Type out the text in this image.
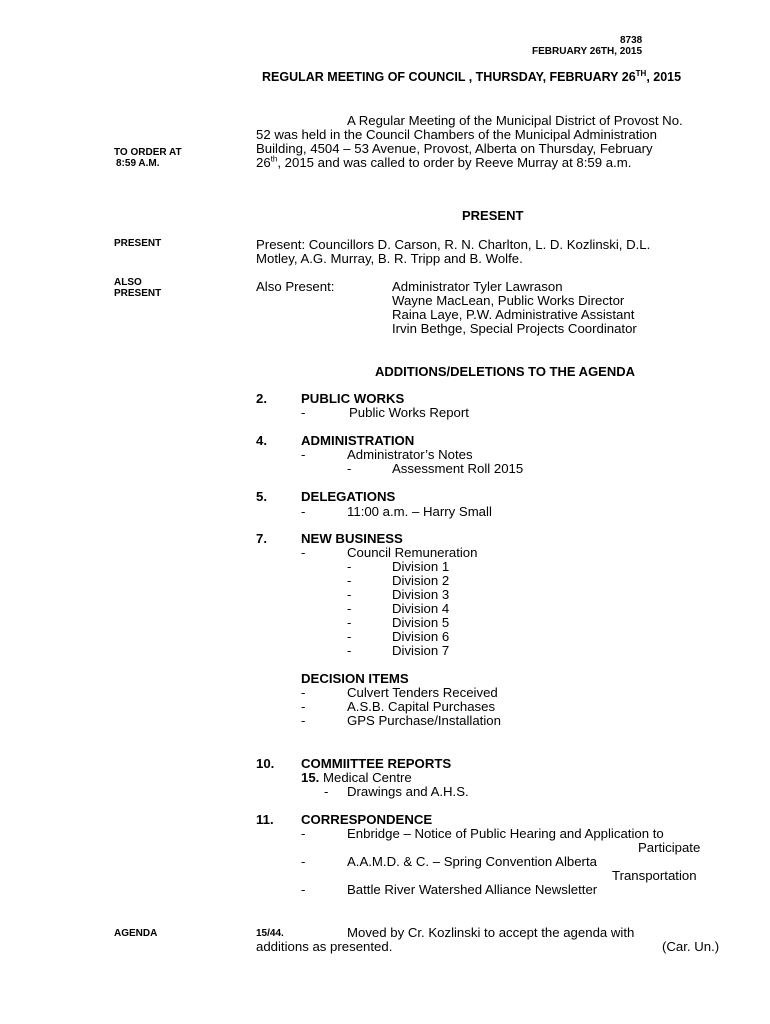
8738
FEBRUARY 26TH, 2015
REGULAR MEETING OF COUNCIL , THURSDAY, FEBRUARY 26TH, 2015
TO ORDER AT
8:59 A.M.
A Regular Meeting of the Municipal District of Provost No.
52 was held in the Council Chambers of the Municipal Administration
Building, 4504 – 53 Avenue, Provost, Alberta on Thursday, February
26th, 2015 and was called to order by Reeve Murray at 8:59 a.m.
PRESENT
PRESENT	Present: Councillors D. Carson, R. N. Charlton, L. D. Kozlinski, D.L.
Motley, A.G. Murray, B. R. Tripp and B. Wolfe.
ALSO
PRESENT	Also Present:	Administrator Tyler Lawrason
Wayne MacLean, Public Works Director
Raina Laye, P.W. Administrative Assistant
Irvin Bethge, Special Projects Coordinator
ADDITIONS/DELETIONS TO THE AGENDA
2.	PUBLIC WORKS
-	Public Works Report
4.	ADMINISTRATION
-	Administrator’s Notes
-	Assessment Roll 2015
5.	DELEGATIONS
-	11:00 a.m. – Harry Small
7.	NEW BUSINESS
-	Council Remuneration
-
-
-
-
-
-
-
Division 1
Division 2
Division 3
Division 4
Division 5
Division 6
Division 7
DECISION ITEMS
-
-
-
Culvert Tenders Received
A.S.B. Capital Purchases
GPS Purchase/Installation
10. COMMIITTEE REPORTS
15. Medical Centre
- Drawings and A.H.S.
11. CORRESPONDENCE
-	Enbridge – Notice of Public Hearing and Application to
Participate
-	A.A.M.D. & C. – Spring Convention Alberta
Transportation
-	Battle River Watershed Alliance Newsletter
AGENDA	15/44.	Moved by Cr. Kozlinski to accept the agenda with
additions as presented.	(Car. Un.)
